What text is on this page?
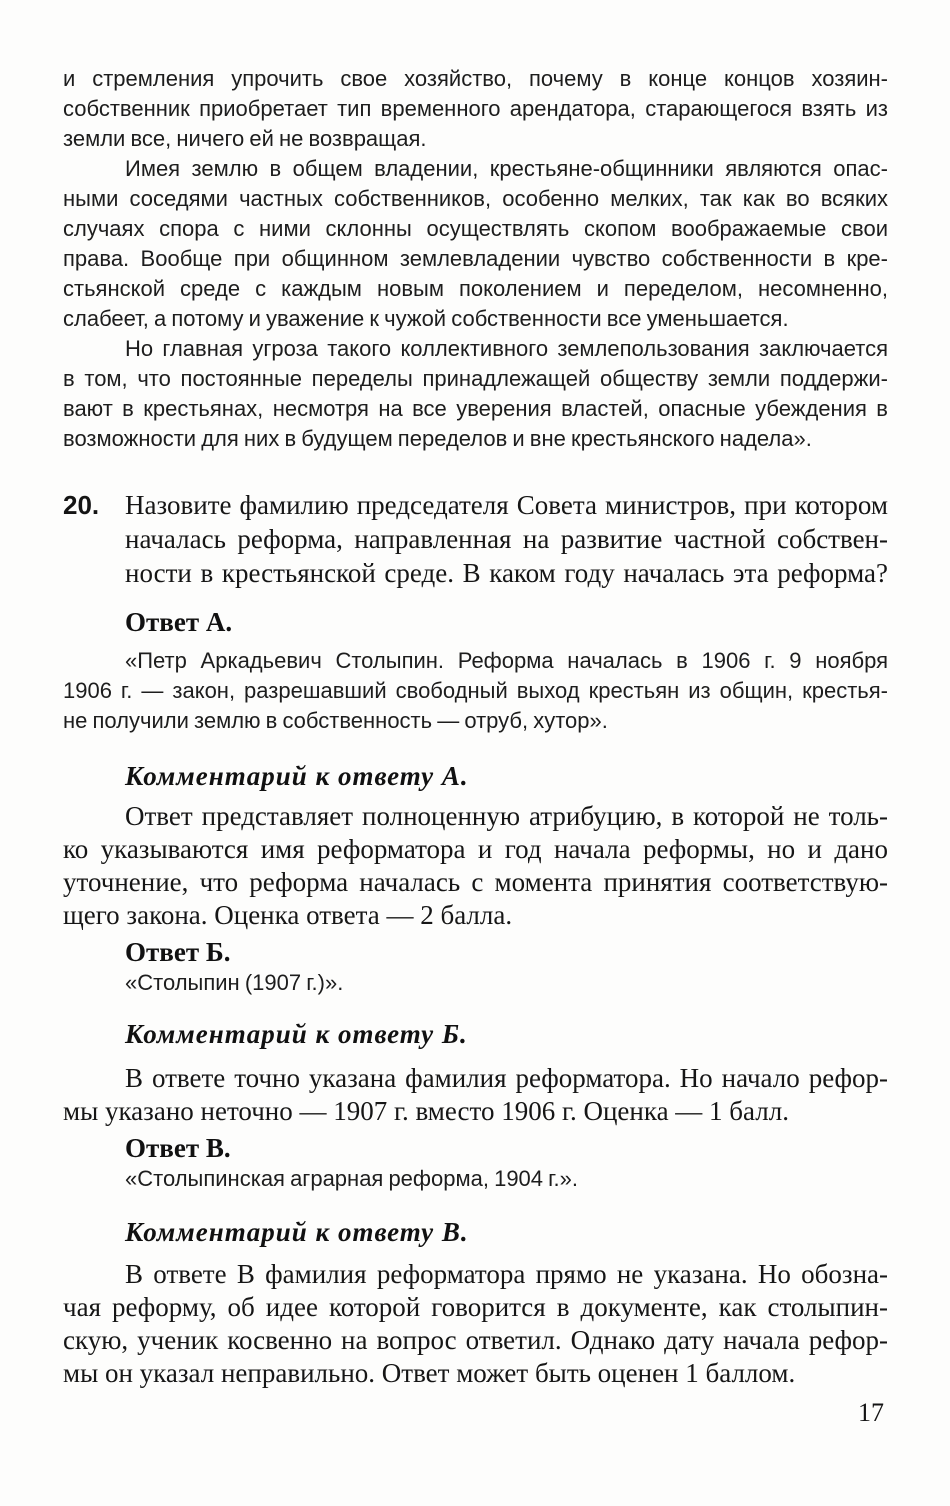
и стремления упрочить свое хозяйство, почему в конце концов хозяин-
собственник приобретает тип временного арендатора, старающегося взять из
земли все, ничего ей не возвращая.
Имея землю в общем владении, крестьяне-общинники являются опас-
ными соседями частных собственников, особенно мелких, так как во всяких
случаях спора с ними склонны осуществлять скопом воображаемые свои
права. Вообще при общинном землевладении чувство собственности в кре-
стьянской среде с каждым новым поколением и переделом, несомненно,
слабеет, а потому и уважение к чужой собственности все уменьшается.
Но главная угроза такого коллективного землепользования заключается
в том, что постоянные переделы принадлежащей обществу земли поддержи-
вают в крестьянах, несмотря на все уверения властей, опасные убеждения в
возможности для них в будущем переделов и вне крестьянского надела».
20. Назовите фамилию председателя Совета министров, при котором
началась реформа, направленная на развитие частной собствен-
ности в крестьянской среде. В каком году началась эта реформа?
Ответ А.
«Петр Аркадьевич Столыпин. Реформа началась в 1906 г. 9 ноября
1906 г. — закон, разрешавший свободный выход крестьян из общин, крестья-
не получили землю в собственность — отруб, хутор».
Комментарий к ответу А.
Ответ представляет полноценную атрибуцию, в которой не толь-
ко указываются имя реформатора и год начала реформы, но и дано
уточнение, что реформа началась с момента принятия соответствую-
щего закона. Оценка ответа — 2 балла.
Ответ Б.
«Столыпин (1907 г.)».
Комментарий к ответу Б.
В ответе точно указана фамилия реформатора. Но начало рефор-
мы указано неточно — 1907 г. вместо 1906 г. Оценка — 1 балл.
Ответ В.
«Столыпинская аграрная реформа, 1904 г.».
Комментарий к ответу В.
В ответе В фамилия реформатора прямо не указана. Но обозна-
чая реформу, об идее которой говорится в документе, как столыпин-
скую, ученик косвенно на вопрос ответил. Однако дату начала рефор-
мы он указал неправильно. Ответ может быть оценен 1 баллом.
17
